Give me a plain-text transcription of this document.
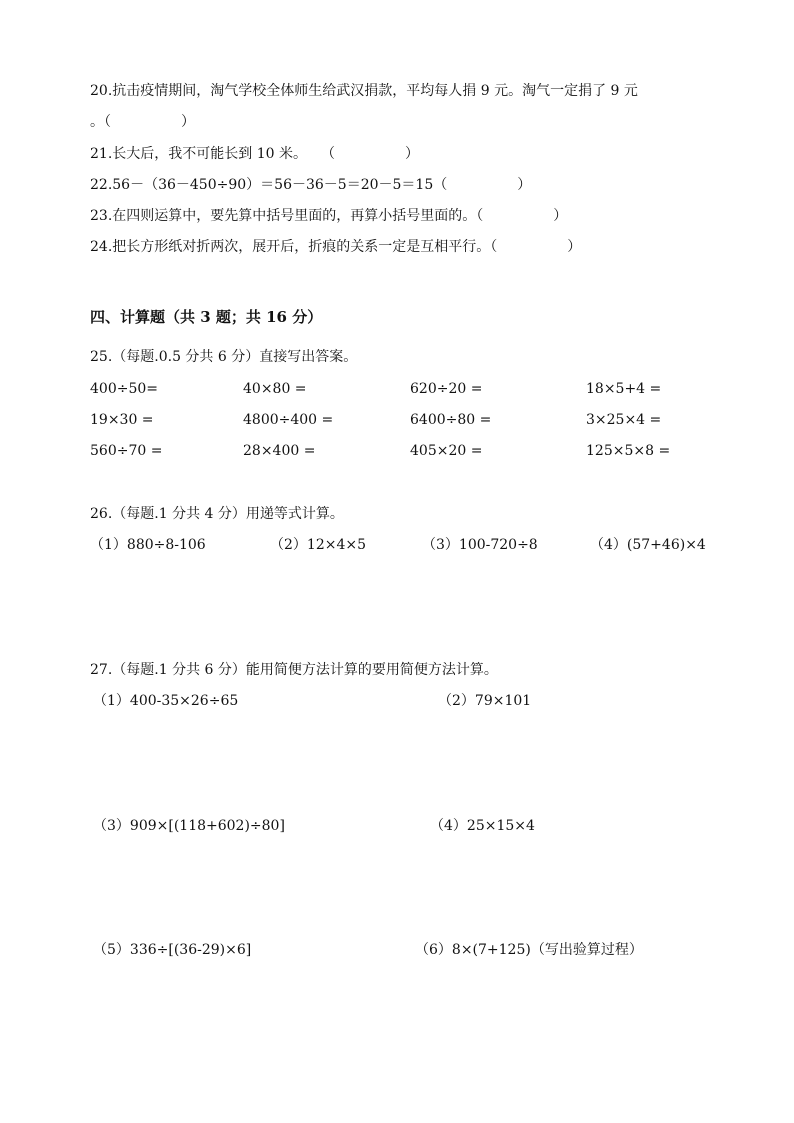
20.抗击疫情期间，淘气学校全体师生给武汉捐款，平均每人捐 9 元。淘气一定捐了 9 元
。（　　　　　）
21.长大后，我不可能长到 10 米。　　（　　　　　）
22.56－（36－450÷90）＝56－36－5＝20－5＝15（　　　　　）
23.在四则运算中，要先算中括号里面的，再算小括号里面的。（　　　　　）
24.把长方形纸对折两次，展开后，折痕的关系一定是互相平行。（　　　　　）
四、计算题（共 3 题；共 16 分）
25.（每题.0.5 分共 6 分）直接写出答案。
400÷50=	40×80 =	620÷20 =	18×5+4 =
19×30 =	4800÷400 =	6400÷80 =	3×25×4 =
560÷70 =	28×400 =	405×20 =	125×5×8 =
26.（每题.1 分共 4 分）用递等式计算。
（1）880÷8-106	（2）12×4×5	（3）100-720÷8	（4）(57+46)×4
27.（每题.1 分共 6 分）能用简便方法计算的要用简便方法计算。
（1）400-35×26÷65	（2）79×101
（3）909×[(118+602)÷80]	（4）25×15×4
（5）336÷[(36-29)×6]	（6）8×(7+125)（写出验算过程）
